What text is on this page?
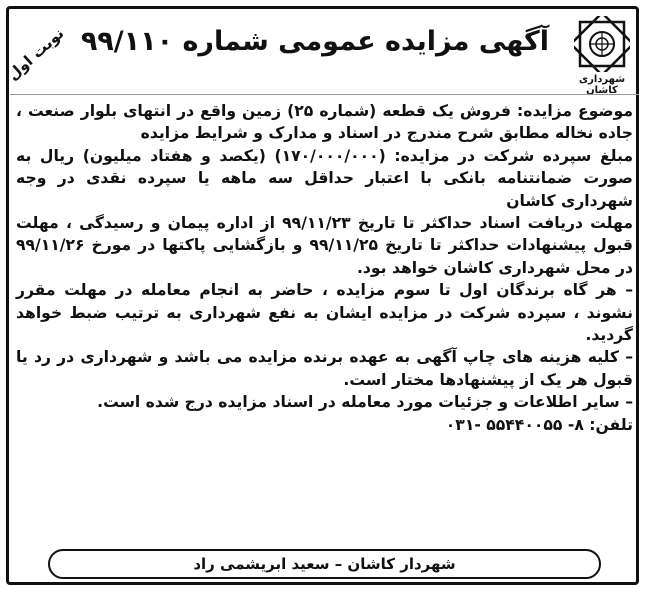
شهرداری کاشان
آگهی مزایده عمومی شماره ۹۹/۱۱۰
نوبت اول

موضوع مزایده: فروش یک قطعه (شماره ۲۵) زمین واقع در انتهای بلوار صنعت ، جاده نخاله مطابق شرح مندرج در اسناد و مدارک و شرایط مزایده

مبلغ سپرده شرکت در مزایده: (۱۷۰/۰۰۰/۰۰۰) (یکصد و هفتاد میلیون) ریال به صورت ضمانتنامه بانکی با اعتبار حداقل سه ماهه یا سپرده نقدی در وجه شهرداری کاشان

مهلت دریافت اسناد حداکثر تا تاریخ ۹۹/۱۱/۲۳ از اداره پیمان و رسیدگی ، مهلت قبول پیشنهادات حداکثر تا تاریخ ۹۹/۱۱/۲۵ و بازگشایی پاکتها در مورخ ۹۹/۱۱/۲۶ در محل شهرداری کاشان خواهد بود.

– هر گاه برندگان اول تا سوم مزایده ، حاضر به انجام معامله در مهلت مقرر نشوند ، سپرده شرکت در مزایده ایشان به نفع شهرداری به ترتیب ضبط خواهد گردید.

– کلیه هزینه های چاپ آگهی به عهده برنده مزایده می باشد و شهرداری در رد یا قبول هر یک از پیشنهادها مختار است.

– سایر اطلاعات و جزئیات مورد معامله در اسناد مزایده درج شده است.

تلفن: ۸- ۵۵۴۴۰۰۵۵ -۰۳۱

شهردار کاشان – سعید ابریشمی راد
